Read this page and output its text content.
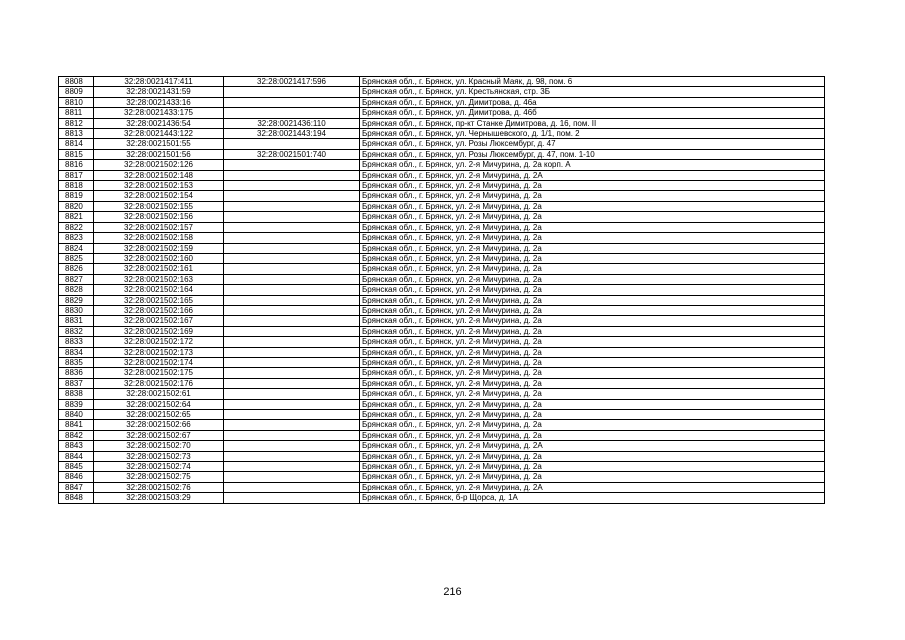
8808	32:28:0021417:411	32:28:0021417:596	Брянская обл., г. Брянск, ул. Красный Маяк, д. 98, пом. 6
8809	32:28:0021431:59		Брянская обл., г. Брянск, ул. Крестьянская, стр. 3Б
8810	32:28:0021433:16		Брянская обл., г. Брянск, ул. Димитрова, д. 46а
8811	32:28:0021433:175		Брянская обл., г. Брянск, ул. Димитрова, д. 46б
8812	32:28:0021436:54	32:28:0021436:110	Брянская обл., г. Брянск, пр-кт Станке Димитрова, д. 16, пом. II
8813	32:28:0021443:122	32:28:0021443:194	Брянская обл., г. Брянск, ул. Чернышевского, д. 1/1, пом. 2
8814	32:28:0021501:55		Брянская обл., г. Брянск, ул. Розы Люксембург, д. 47
8815	32:28:0021501:56	32:28:0021501:740	Брянская обл., г. Брянск, ул. Розы Люксембург, д. 47, пом. 1-10
8816	32:28:0021502:126		Брянская обл., г. Брянск, ул. 2-я Мичурина, д. 2а корп. А
8817	32:28:0021502:148		Брянская обл., г. Брянск, ул. 2-я Мичурина, д. 2А
8818	32:28:0021502:153		Брянская обл., г. Брянск, ул. 2-я Мичурина, д. 2а
8819	32:28:0021502:154		Брянская обл., г. Брянск, ул. 2-я Мичурина, д. 2а
8820	32:28:0021502:155		Брянская обл., г. Брянск, ул. 2-я Мичурина, д. 2а
8821	32:28:0021502:156		Брянская обл., г. Брянск, ул. 2-я Мичурина, д. 2а
8822	32:28:0021502:157		Брянская обл., г. Брянск, ул. 2-я Мичурина, д. 2а
8823	32:28:0021502:158		Брянская обл., г. Брянск, ул. 2-я Мичурина, д. 2а
8824	32:28:0021502:159		Брянская обл., г. Брянск, ул. 2-я Мичурина, д. 2а
8825	32:28:0021502:160		Брянская обл., г. Брянск, ул. 2-я Мичурина, д. 2а
8826	32:28:0021502:161		Брянская обл., г. Брянск, ул. 2-я Мичурина, д. 2а
8827	32:28:0021502:163		Брянская обл., г. Брянск, ул. 2-я Мичурина, д. 2а
8828	32:28:0021502:164		Брянская обл., г. Брянск, ул. 2-я Мичурина, д. 2а
8829	32:28:0021502:165		Брянская обл., г. Брянск, ул. 2-я Мичурина, д. 2а
8830	32:28:0021502:166		Брянская обл., г. Брянск, ул. 2-я Мичурина, д. 2а
8831	32:28:0021502:167		Брянская обл., г. Брянск, ул. 2-я Мичурина, д. 2а
8832	32:28:0021502:169		Брянская обл., г. Брянск, ул. 2-я Мичурина, д. 2а
8833	32:28:0021502:172		Брянская обл., г. Брянск, ул. 2-я Мичурина, д. 2а
8834	32:28:0021502:173		Брянская обл., г. Брянск, ул. 2-я Мичурина, д. 2а
8835	32:28:0021502:174		Брянская обл., г. Брянск, ул. 2-я Мичурина, д. 2а
8836	32:28:0021502:175		Брянская обл., г. Брянск, ул. 2-я Мичурина, д. 2а
8837	32:28:0021502:176		Брянская обл., г. Брянск, ул. 2-я Мичурина, д. 2а
8838	32:28:0021502:61		Брянская обл., г. Брянск, ул. 2-я Мичурина, д. 2а
8839	32:28:0021502:64		Брянская обл., г. Брянск, ул. 2-я Мичурина, д. 2а
8840	32:28:0021502:65		Брянская обл., г. Брянск, ул. 2-я Мичурина, д. 2а
8841	32:28:0021502:66		Брянская обл., г. Брянск, ул. 2-я Мичурина, д. 2а
8842	32:28:0021502:67		Брянская обл., г. Брянск, ул. 2-я Мичурина, д. 2а
8843	32:28:0021502:70		Брянская обл., г. Брянск, ул. 2-я Мичурина, д. 2А
8844	32:28:0021502:73		Брянская обл., г. Брянск, ул. 2-я Мичурина, д. 2а
8845	32:28:0021502:74		Брянская обл., г. Брянск, ул. 2-я Мичурина, д. 2а
8846	32:28:0021502:75		Брянская обл., г. Брянск, ул. 2-я Мичурина, д. 2а
8847	32:28:0021502:76		Брянская обл., г. Брянск, ул. 2-я Мичурина, д. 2А
8848	32:28:0021503:29		Брянская обл., г. Брянск, б-р Щорса, д. 1А
216
